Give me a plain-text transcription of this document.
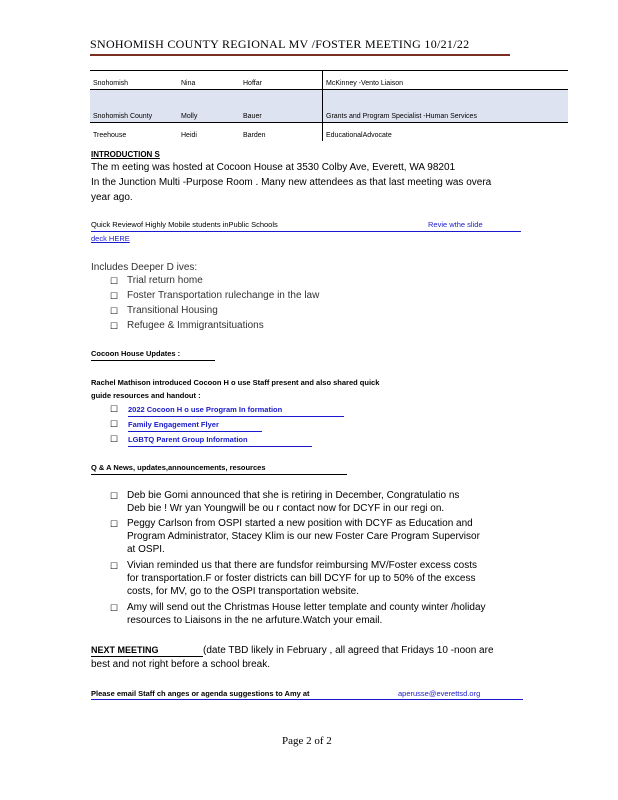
SNOHOMISH COUNTY REGIONAL MV /FOSTER MEETING 10/21/22
Snohomish	Nina	Hoffar	McKinney -Vento Liaison
Snohomish County	Molly	Bauer	Grants and Program Specialist -Human Services
Treehouse	Heidi	Barden	EducationalAdvocate
INTRODUCTION S
The m eeting was hosted at Cocoon House at 3530 Colby Ave, Everett, WA 98201
In the Junction Multi -Purpose Room . Many new attendees as that last meeting was overa
year ago.
Quick Reviewof Highly Mobile students inPublic Schools	Revie wthe slide
deck HERE
Includes Deeper D ives:
☐ Trial return home
☐ Foster Transportation rulechange in the law
☐ Transitional Housing
☐ Refugee & Immigrantsituations
Cocoon House Updates :
Rachel Mathison introduced Cocoon H o use Staff present and also shared quick
guide resources and handout :
☐ 2022 Cocoon H o use Program In formation
☐ Family Engagement Flyer
☐ LGBTQ Parent Group Information
Q & A News, updates,announcements, resources
☐ Deb bie Gomi announced that she is retiring in December, Congratulatio ns
Deb bie ! Wr yan Youngwill be ou r contact now for DCYF in our regi on.
☐ Peggy Carlson from OSPI started a new position with DCYF as Education and
Program Administrator, Stacey Klim is our new Foster Care Program Supervisor
at OSPI.
☐ Vivian reminded us that there are fundsfor reimbursing MV/Foster excess costs
for transportation.F or foster districts can bill DCYF for up to 50% of the excess
costs, for MV, go to the OSPI transportation website.
☐ Amy will send out the Christmas House letter template and county winter /holiday
resources to Liaisons in the ne arfuture.Watch your email.
NEXT MEETING	(date TBD likely in February , all agreed that Fridays 10 -noon are
best and not right before a school break.
Please email Staff ch anges or agenda suggestions to Amy at	aperusse@everettsd.org
Page 2 of 2
